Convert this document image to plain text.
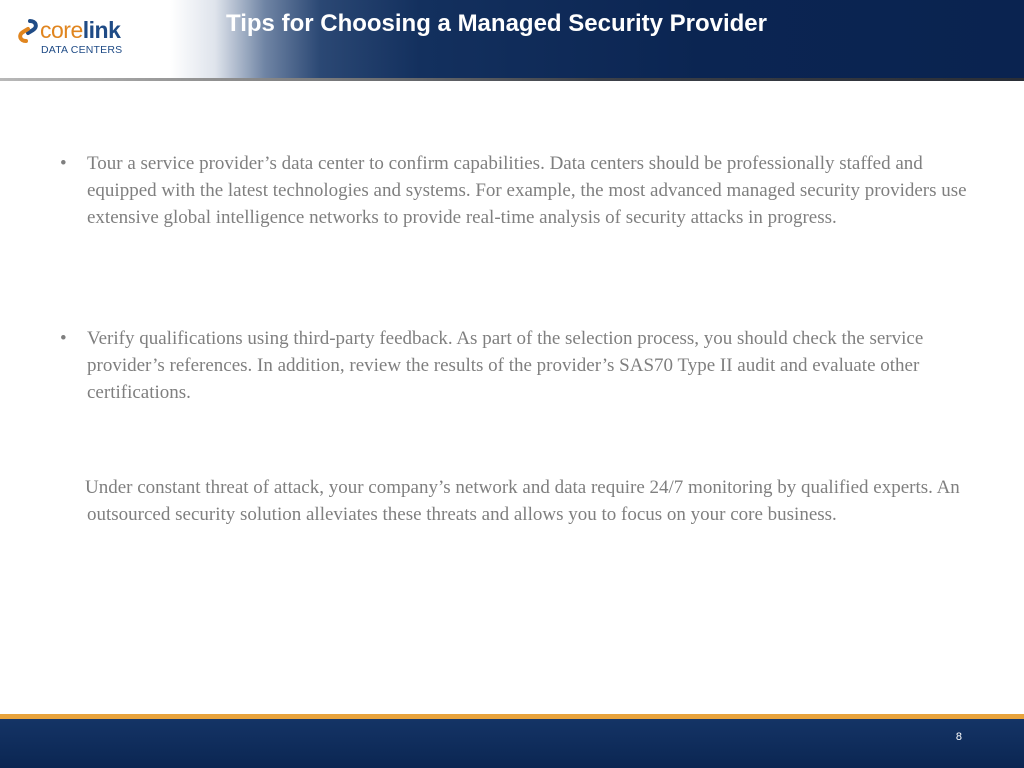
corelink
DATA CENTERS
Tips for Choosing a Managed Security Provider

• Tour a service provider’s data center to confirm capabilities. Data centers should be professionally staffed and equipped with the latest technologies and systems. For example, the most advanced managed security providers use extensive global intelligence networks to provide real-time analysis of security attacks in progress.

• Verify qualifications using third-party feedback. As part of the selection process, you should check the service provider’s references. In addition, review the results of the provider’s SAS70 Type II audit and evaluate other certifications.

Under constant threat of attack, your company’s network and data require 24/7 monitoring by qualified experts. An outsourced security solution alleviates these threats and allows you to focus on your core business.

8
